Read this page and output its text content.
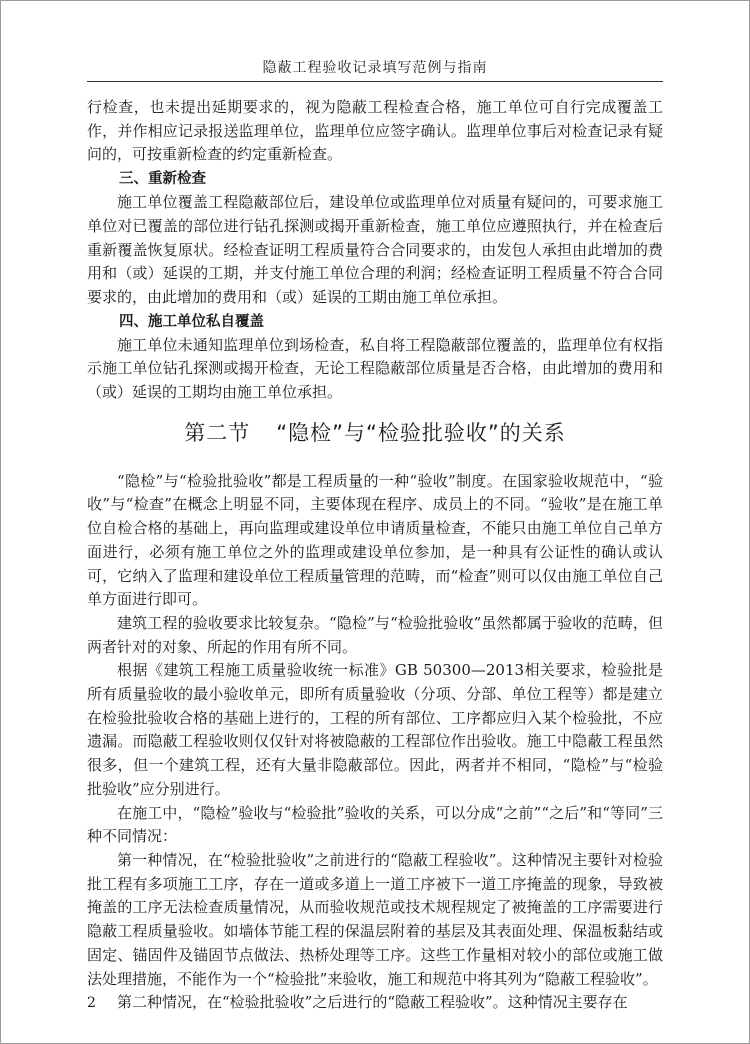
隐蔽工程验收记录填写范例与指南

行检查，也未提出延期要求的，视为隐蔽工程检查合格，施工单位可自行完成覆盖工作，并作相应记录报送监理单位，监理单位应签字确认。监理单位事后对检查记录有疑问的，可按重新检查的约定重新检查。

三、重新检查

施工单位覆盖工程隐蔽部位后，建设单位或监理单位对质量有疑问的，可要求施工单位对已覆盖的部位进行钻孔探测或揭开重新检查，施工单位应遵照执行，并在检查后重新覆盖恢复原状。经检查证明工程质量符合合同要求的，由发包人承担由此增加的费用和（或）延误的工期，并支付施工单位合理的利润；经检查证明工程质量不符合合同要求的，由此增加的费用和（或）延误的工期由施工单位承担。

四、施工单位私自覆盖

施工单位未通知监理单位到场检查，私自将工程隐蔽部位覆盖的，监理单位有权指示施工单位钻孔探测或揭开检查，无论工程隐蔽部位质量是否合格，由此增加的费用和（或）延误的工期均由施工单位承担。

第二节 “隐检”与“检验批验收”的关系

“隐检”与“检验批验收”都是工程质量的一种“验收”制度。在国家验收规范中，“验收”与“检查”在概念上明显不同，主要体现在程序、成员上的不同。“验收”是在施工单位自检合格的基础上，再向监理或建设单位申请质量检查，不能只由施工单位自己单方面进行，必须有施工单位之外的监理或建设单位参加，是一种具有公证性的确认或认可，它纳入了监理和建设单位工程质量管理的范畴，而“检查”则可以仅由施工单位自己单方面进行即可。

建筑工程的验收要求比较复杂。“隐检”与“检验批验收”虽然都属于验收的范畴，但两者针对的对象、所起的作用有所不同。

根据《建筑工程施工质量验收统一标准》GB 50300—2013相关要求，检验批是所有质量验收的最小验收单元，即所有质量验收（分项、分部、单位工程等）都是建立在检验批验收合格的基础上进行的，工程的所有部位、工序都应归入某个检验批，不应遗漏。而隐蔽工程验收则仅仅针对将被隐蔽的工程部位作出验收。施工中隐蔽工程虽然很多，但一个建筑工程，还有大量非隐蔽部位。因此，两者并不相同，“隐检”与“检验批验收”应分别进行。

在施工中，“隐检”验收与“检验批”验收的关系，可以分成“之前”“之后”和“等同”三种不同情况：

第一种情况，在“检验批验收”之前进行的“隐蔽工程验收”。这种情况主要针对检验批工程有多项施工工序，存在一道或多道上一道工序被下一道工序掩盖的现象，导致被掩盖的工序无法检查质量情况，从而验收规范或技术规程规定了被掩盖的工序需要进行隐蔽工程质量验收。如墙体节能工程的保温层附着的基层及其表面处理、保温板黏结或固定、锚固件及锚固节点做法、热桥处理等工序。这些工作量相对较小的部位或施工做法处理措施，不能作为一个“检验批”来验收，施工和规范中将其列为“隐蔽工程验收”。

第二种情况，在“检验批验收”之后进行的“隐蔽工程验收”。这种情况主要存在

2
